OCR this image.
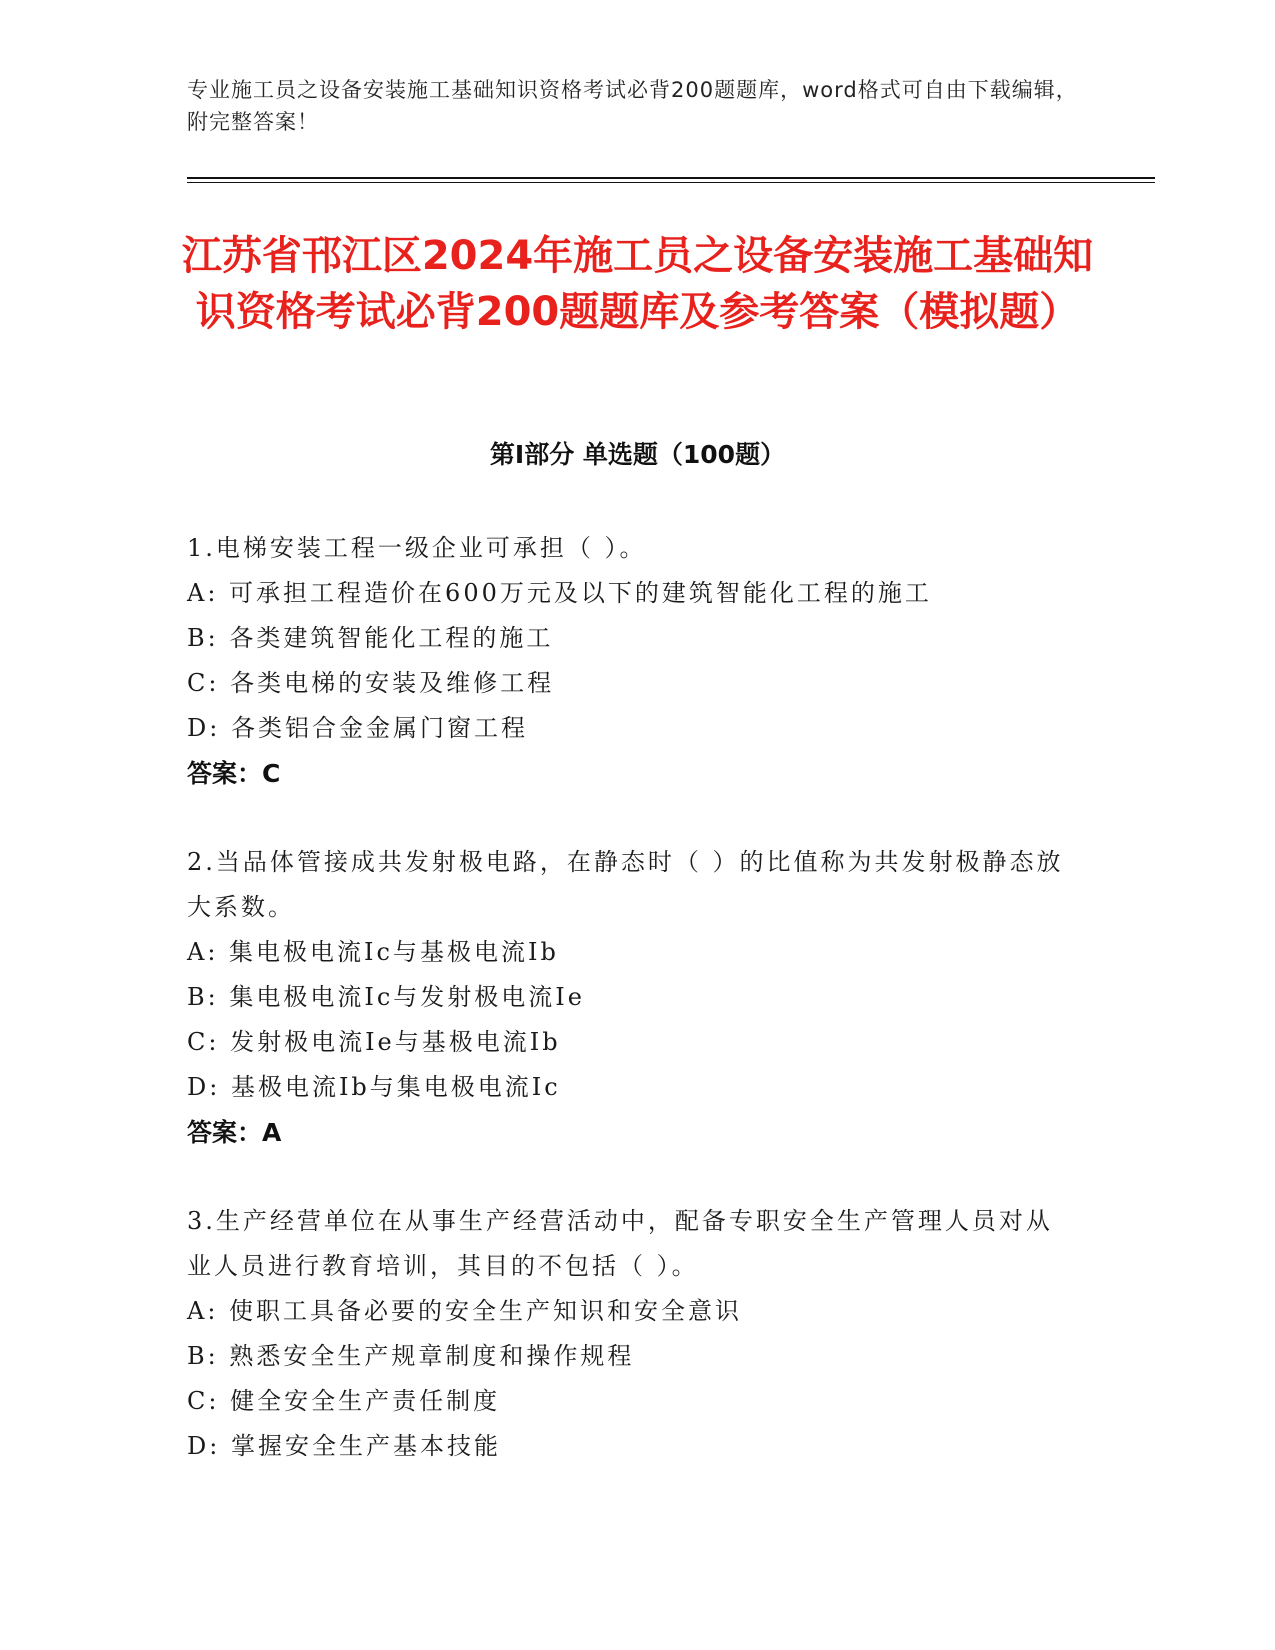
专业施工员之设备安装施工基础知识资格考试必背200题题库，word格式可自由下载编辑，附完整答案！
江苏省邗江区2024年施工员之设备安装施工基础知识资格考试必背200题题库及参考答案（模拟题）
第Ⅰ部分 单选题（100题）
1.电梯安装工程一级企业可承担（ ）。
A: 可承担工程造价在600万元及以下的建筑智能化工程的施工
B: 各类建筑智能化工程的施工
C: 各类电梯的安装及维修工程
D: 各类铝合金金属门窗工程
答案：C
2.当品体管接成共发射极电路，在静态时（ ）的比值称为共发射极静态放大系数。
A: 集电极电流Ic与基极电流Ib
B: 集电极电流Ic与发射极电流Ie
C: 发射极电流Ie与基极电流Ib
D: 基极电流Ib与集电极电流Ic
答案：A
3.生产经营单位在从事生产经营活动中，配备专职安全生产管理人员对从业人员进行教育培训，其目的不包括（ ）。
A: 使职工具备必要的安全生产知识和安全意识
B: 熟悉安全生产规章制度和操作规程
C: 健全安全生产责任制度
D: 掌握安全生产基本技能
